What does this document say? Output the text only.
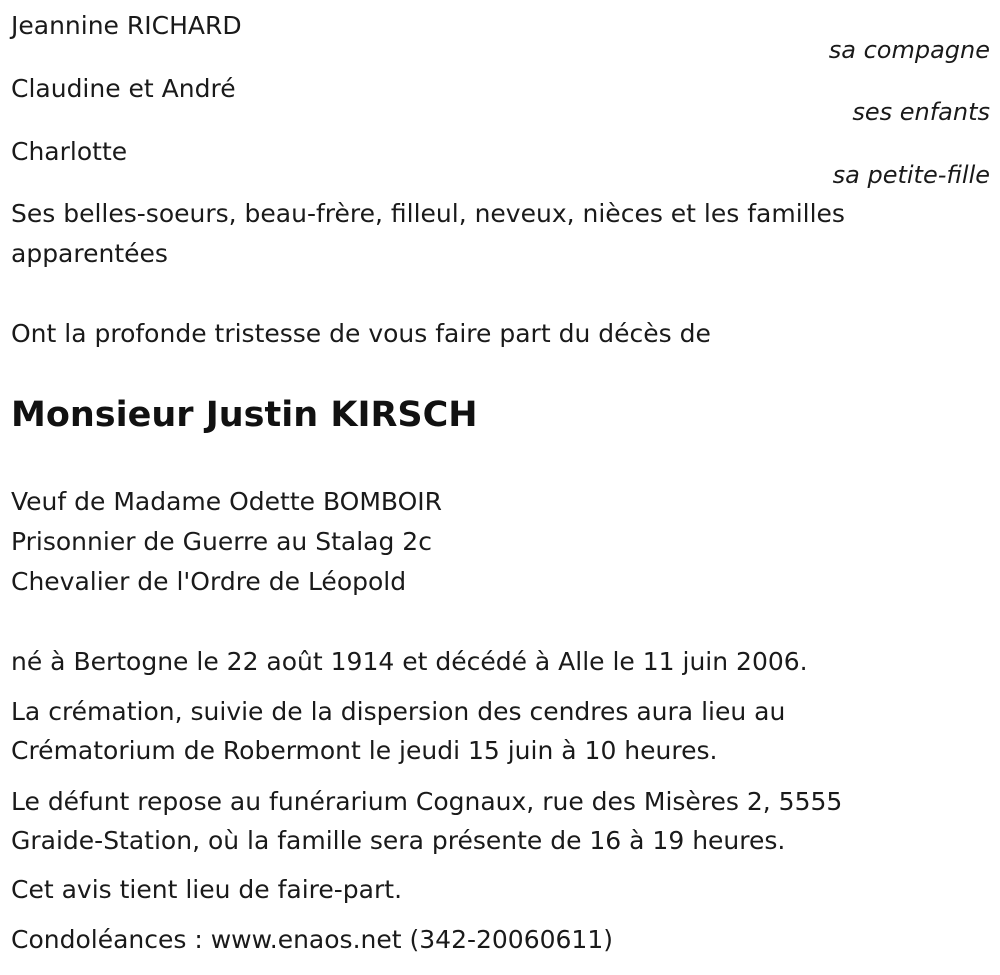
Jeannine RICHARD
sa compagne
Claudine et André
ses enfants
Charlotte
sa petite-fille
Ses belles-soeurs, beau-frère, filleul, neveux, nièces et les familles
apparentées
Ont la profonde tristesse de vous faire part du décès de
Monsieur Justin KIRSCH
Veuf de Madame Odette BOMBOIR
Prisonnier de Guerre au Stalag 2c
Chevalier de l'Ordre de Léopold
né à Bertogne le 22 août 1914 et décédé à Alle le 11 juin 2006.
La crémation, suivie de la dispersion des cendres aura lieu au
Crématorium de Robermont le jeudi 15 juin à 10 heures.
Le défunt repose au funérarium Cognaux, rue des Misères 2, 5555
Graide-Station, où la famille sera présente de 16 à 19 heures.
Cet avis tient lieu de faire-part.
Condoléances : www.enaos.net (342-20060611)
